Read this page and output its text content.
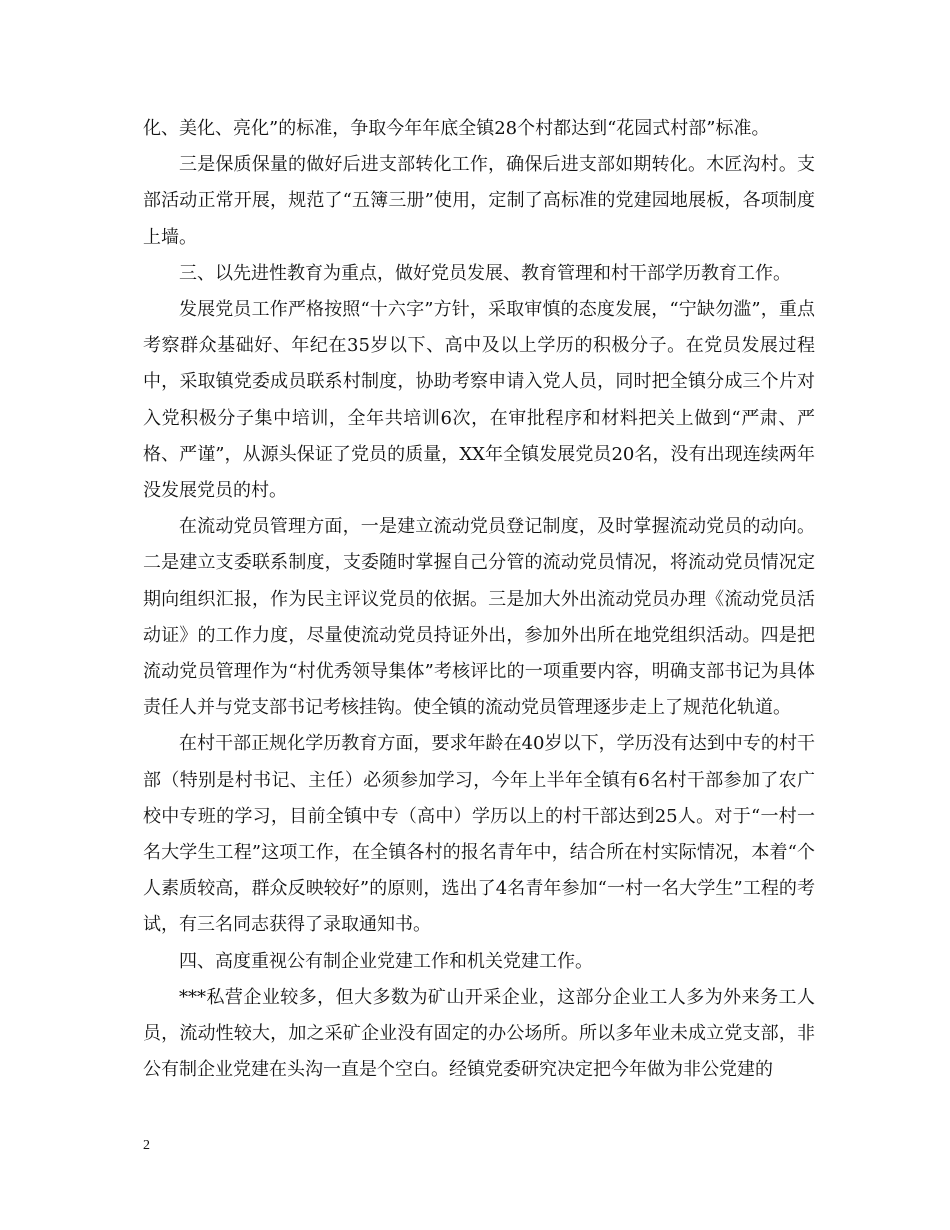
化、美化、亮化”的标准，争取今年年底全镇28个村都达到“花园式村部”标准。

三是保质保量的做好后进支部转化工作，确保后进支部如期转化。木匠沟村。支部活动正常开展，规范了“五簿三册”使用，定制了高标准的党建园地展板，各项制度上墙。

三、以先进性教育为重点，做好党员发展、教育管理和村干部学历教育工作。

发展党员工作严格按照“十六字”方针，采取审慎的态度发展，“宁缺勿滥”，重点考察群众基础好、年纪在35岁以下、高中及以上学历的积极分子。在党员发展过程中，采取镇党委成员联系村制度，协助考察申请入党人员，同时把全镇分成三个片对入党积极分子集中培训，全年共培训6次，在审批程序和材料把关上做到“严肃、严格、严谨”，从源头保证了党员的质量，XX年全镇发展党员20名，没有出现连续两年没发展党员的村。

在流动党员管理方面，一是建立流动党员登记制度，及时掌握流动党员的动向。二是建立支委联系制度，支委随时掌握自己分管的流动党员情况，将流动党员情况定期向组织汇报，作为民主评议党员的依据。三是加大外出流动党员办理《流动党员活动证》的工作力度，尽量使流动党员持证外出，参加外出所在地党组织活动。四是把流动党员管理作为“村优秀领导集体”考核评比的一项重要内容，明确支部书记为具体责任人并与党支部书记考核挂钩。使全镇的流动党员管理逐步走上了规范化轨道。

在村干部正规化学历教育方面，要求年龄在40岁以下，学历没有达到中专的村干部（特别是村书记、主任）必须参加学习，今年上半年全镇有6名村干部参加了农广校中专班的学习，目前全镇中专（高中）学历以上的村干部达到25人。对于“一村一名大学生工程”这项工作，在全镇各村的报名青年中，结合所在村实际情况，本着“个人素质较高，群众反映较好”的原则，选出了4名青年参加“一村一名大学生”工程的考试，有三名同志获得了录取通知书。

四、高度重视公有制企业党建工作和机关党建工作。

***私营企业较多，但大多数为矿山开采企业，这部分企业工人多为外来务工人员，流动性较大，加之采矿企业没有固定的办公场所。所以多年业未成立党支部，非公有制企业党建在头沟一直是个空白。经镇党委研究决定把今年做为非公党建的

2
